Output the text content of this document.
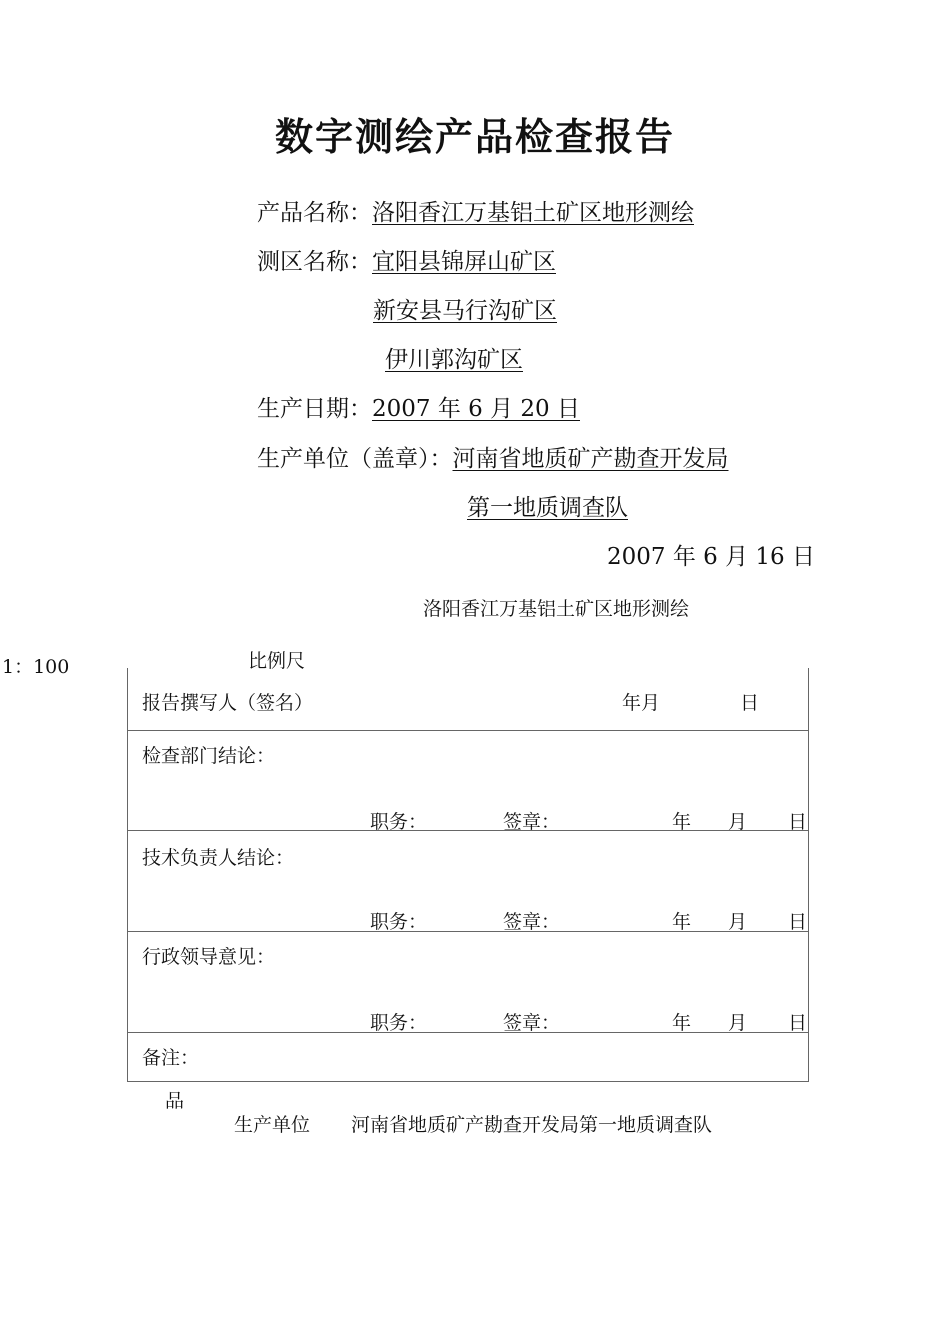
数字测绘产品检查报告
产品名称：洛阳香江万基铝土矿区地形测绘
测区名称：宜阳县锦屏山矿区
新安县马行沟矿区
伊川郭沟矿区
生产日期：2007 年 6 月 20 日
生产单位（盖章）：河南省地质矿产勘查开发局
第一地质调查队
2007 年 6 月 16 日
洛阳香江万基铝土矿区地形测绘
1：100	比例尺
报告撰写人（签名）	年月	日
检查部门结论：
职务：	签章：	年 月 日
技术负责人结论：
职务：	签章：	年 月 日
行政领导意见：
职务：	签章：	年 月 日
备注：
品
生产单位 河南省地质矿产勘查开发局第一地质调查队
